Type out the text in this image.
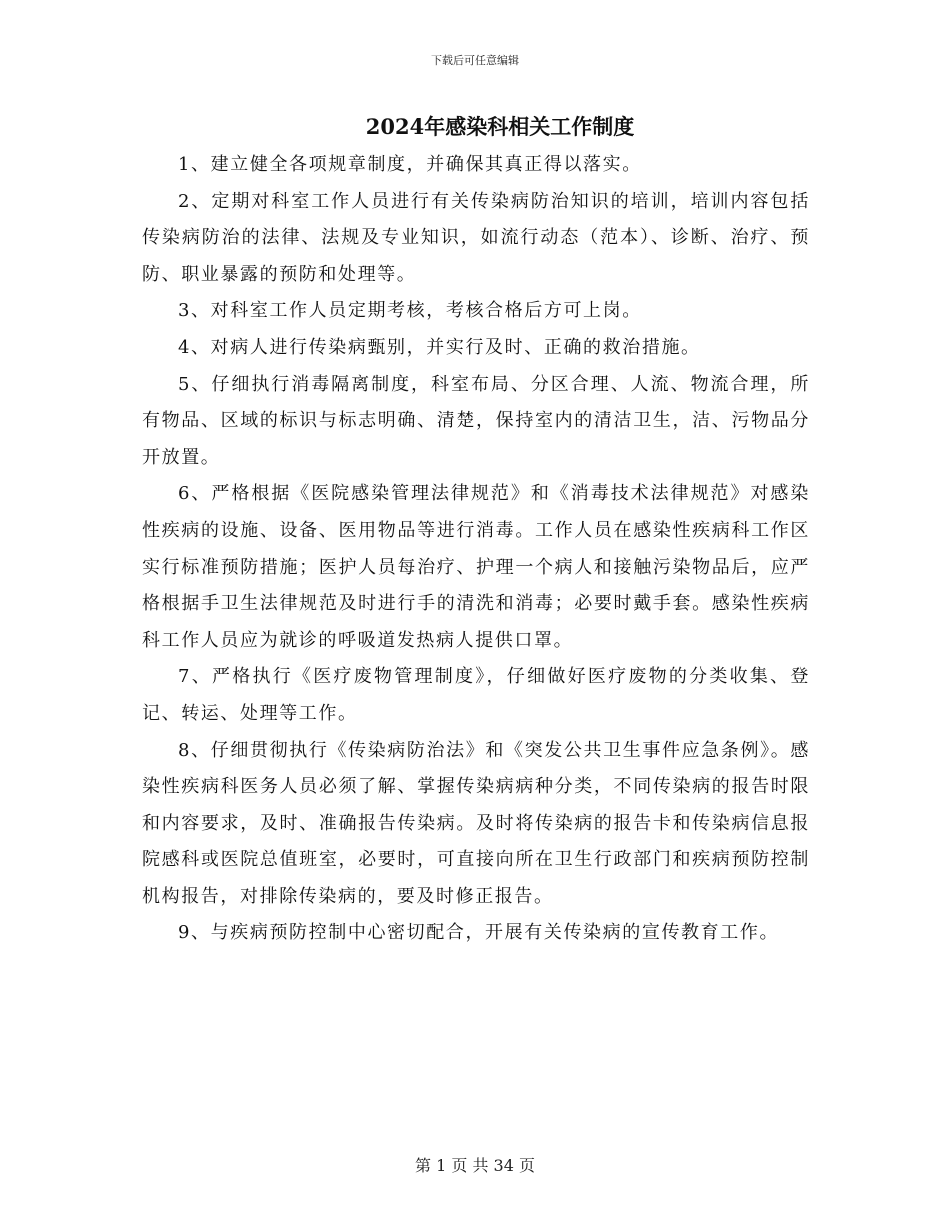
下载后可任意编辑
2024年感染科相关工作制度

1、建立健全各项规章制度，并确保其真正得以落实。

2、定期对科室工作人员进行有关传染病防治知识的培训，培训内容包括传染病防治的法律、法规及专业知识，如流行动态（范本）、诊断、治疗、预防、职业暴露的预防和处理等。

3、对科室工作人员定期考核，考核合格后方可上岗。

4、对病人进行传染病甄别，并实行及时、正确的救治措施。

5、仔细执行消毒隔离制度，科室布局、分区合理、人流、物流合理，所有物品、区域的标识与标志明确、清楚，保持室内的清洁卫生，洁、污物品分开放置。

6、严格根据《医院感染管理法律规范》和《消毒技术法律规范》对感染性疾病的设施、设备、医用物品等进行消毒。工作人员在感染性疾病科工作区实行标准预防措施；医护人员每治疗、护理一个病人和接触污染物品后，应严格根据手卫生法律规范及时进行手的清洗和消毒；必要时戴手套。感染性疾病科工作人员应为就诊的呼吸道发热病人提供口罩。

7、严格执行《医疗废物管理制度》，仔细做好医疗废物的分类收集、登记、转运、处理等工作。

8、仔细贯彻执行《传染病防治法》和《突发公共卫生事件应急条例》。感染性疾病科医务人员必须了解、掌握传染病病种分类，不同传染病的报告时限和内容要求，及时、准确报告传染病。及时将传染病的报告卡和传染病信息报院感科或医院总值班室，必要时，可直接向所在卫生行政部门和疾病预防控制机构报告，对排除传染病的，要及时修正报告。

9、与疾病预防控制中心密切配合，开展有关传染病的宣传教育工作。

第 1 页 共 34 页
